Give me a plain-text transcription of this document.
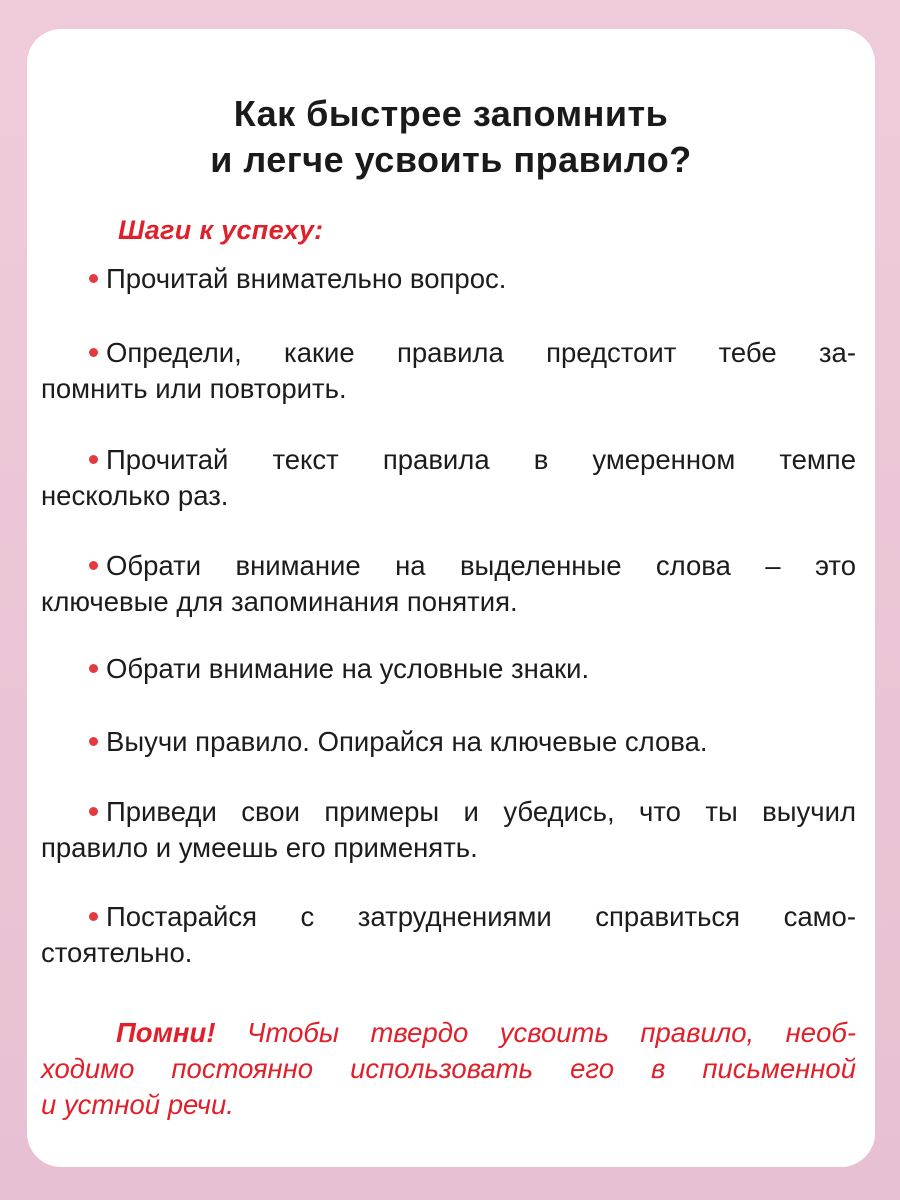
Как быстрее запомнить
и легче усвоить правило?
Шаги к успеху:
Прочитай внимательно вопрос.
Определи, какие правила предстоит тебе за-
помнить или повторить.
Прочитай текст правила в умеренном темпе
несколько раз.
Обрати внимание на выделенные слова – это
ключевые для запоминания понятия.
Обрати внимание на условные знаки.
Выучи правило. Опирайся на ключевые слова.
Приведи свои примеры и убедись, что ты выучил
правило и умеешь его применять.
Постарайся с затруднениями справиться само-
стоятельно.
Помни! Чтобы твердо усвоить правило, необ-
ходимо постоянно использовать его в письменной
и устной речи.
